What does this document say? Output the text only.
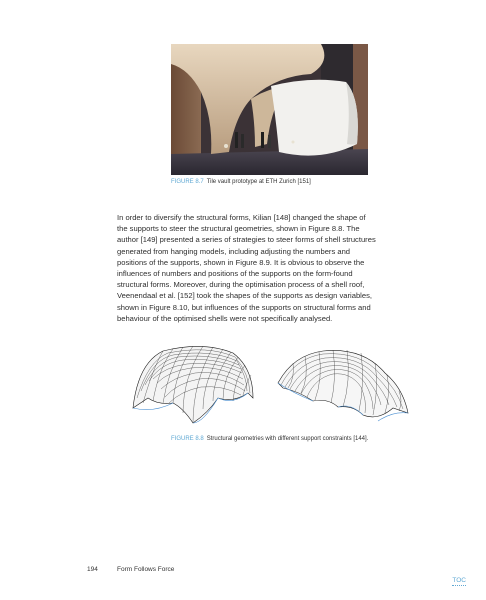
FIGURE 8.7 Tile vault prototype at ETH Zurich [151]
In order to diversify the structural forms, Kilian [148] changed the shape of the supports to steer the structural geometries, shown in Figure 8.8. The author [149] presented a series of strategies to steer forms of shell structures generated from hanging models, including adjusting the numbers and positions of the supports, shown in Figure 8.9. It is obvious to observe the influences of numbers and positions of the supports on the form-found structural forms. Moreover, during the optimisation process of a shell roof, Veenendaal et al. [152] took the shapes of the supports as design variables, shown in Figure 8.10, but influences of the supports on structural forms and behaviour of the optimised shells were not specifically analysed.
FIGURE 8.8 Structural geometries with different support constraints [144].
194	Form Follows Force
TOC
